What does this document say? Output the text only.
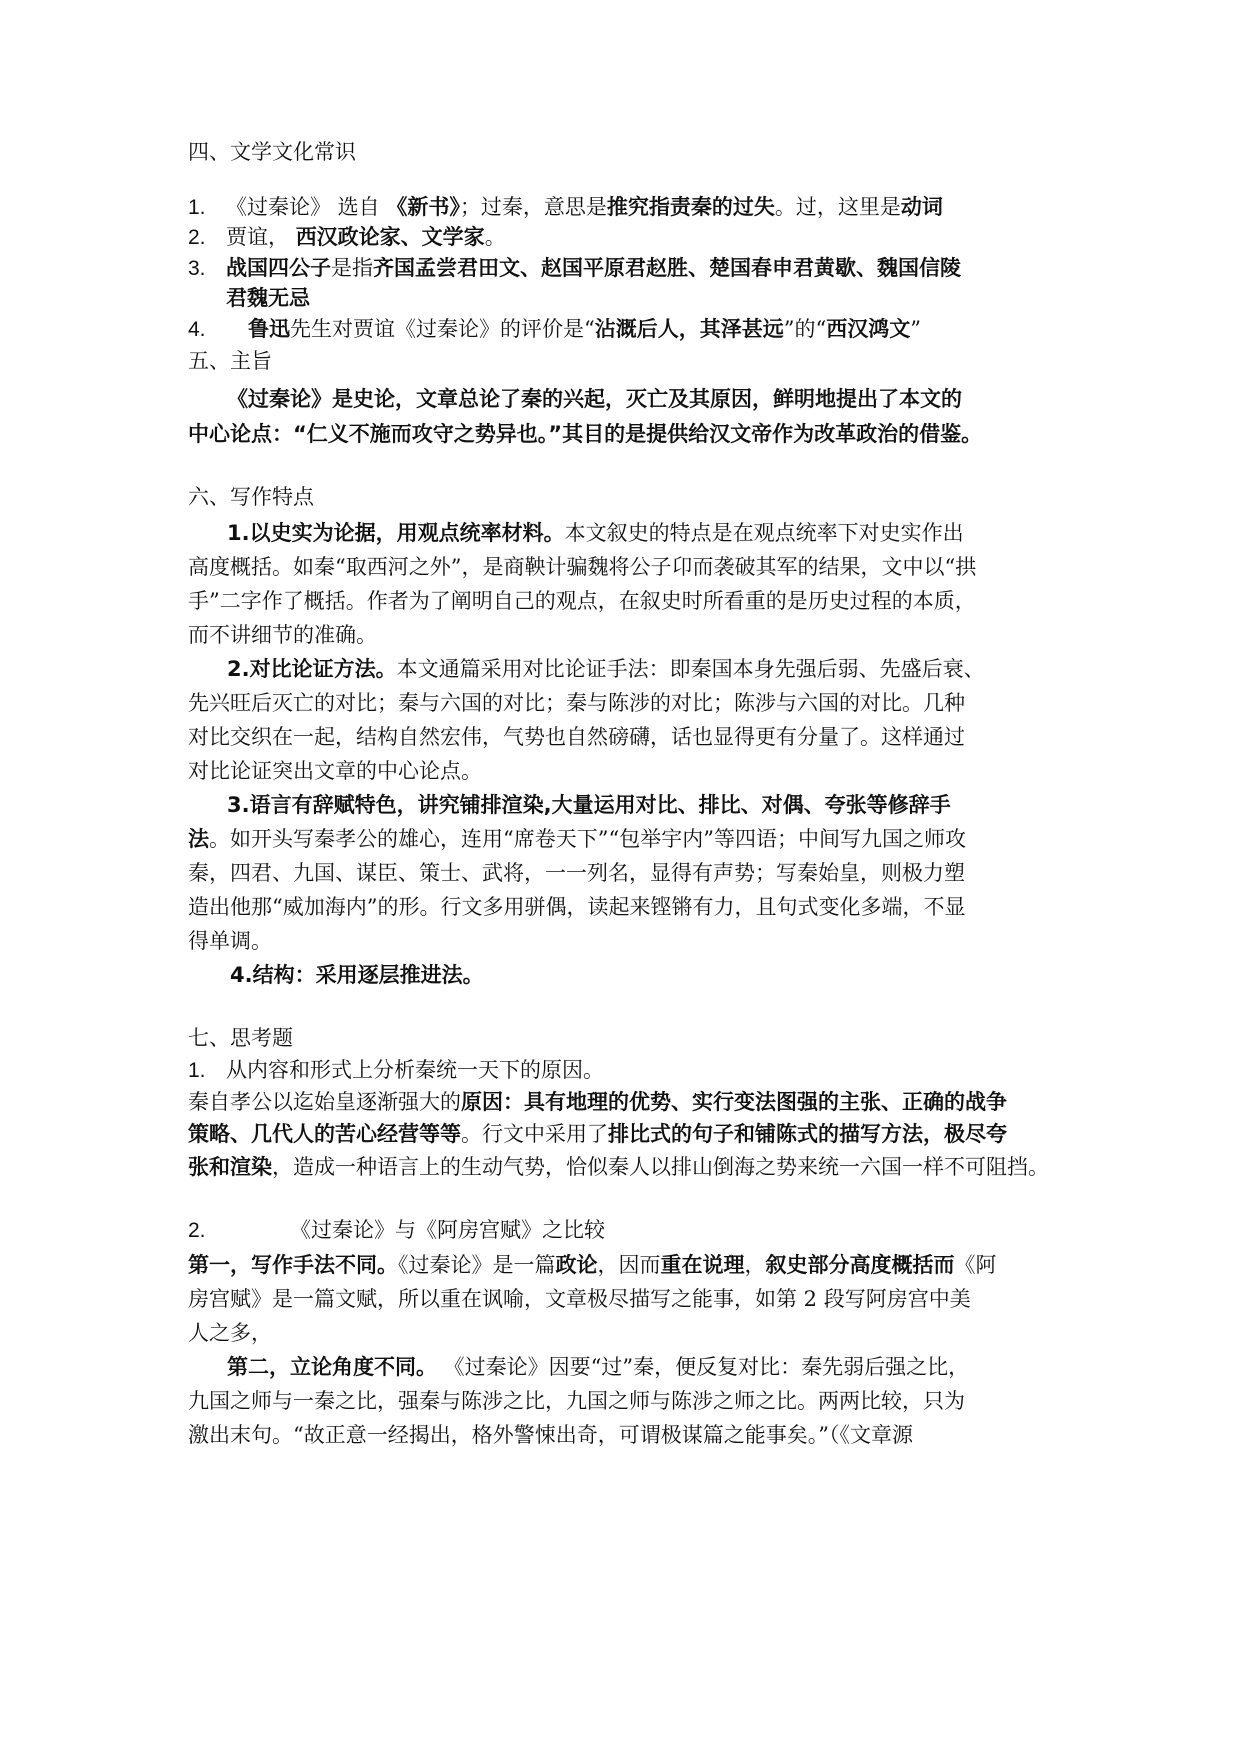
四、文学文化常识
1. 《过秦论》 选自 《新书》；过秦，意思是推究指责秦的过失。过，这里是动词
2. 贾谊， 西汉政论家、文学家。
3. 战国四公子是指齐国孟尝君田文、赵国平原君赵胜、楚国春申君黄歇、魏国信陵
君魏无忌
4. 鲁迅先生对贾谊《过秦论》的评价是“沾溉后人，其泽甚远”的“西汉鸿文”
五、主旨
《过秦论》是史论，文章总论了秦的兴起，灭亡及其原因，鲜明地提出了本文的
中心论点：“仁义不施而攻守之势异也。”其目的是提供给汉文帝作为改革政治的借鉴。
六、写作特点
1.以史实为论据，用观点统率材料。本文叙史的特点是在观点统率下对史实作出
高度概括。如秦“取西河之外”，是商鞅计骗魏将公子卬而袭破其军的结果，文中以“拱
手”二字作了概括。作者为了阐明自己的观点，在叙史时所看重的是历史过程的本质，
而不讲细节的准确。
2.对比论证方法。本文通篇采用对比论证手法：即秦国本身先强后弱、先盛后衰、
先兴旺后灭亡的对比；秦与六国的对比；秦与陈涉的对比；陈涉与六国的对比。几种
对比交织在一起，结构自然宏伟，气势也自然磅礴，话也显得更有分量了。这样通过
对比论证突出文章的中心论点。
3.语言有辞赋特色，讲究铺排渲染,大量运用对比、排比、对偶、夸张等修辞手
法。如开头写秦孝公的雄心，连用“席卷天下”“包举宇内”等四语；中间写九国之师攻
秦，四君、九国、谋臣、策士、武将，一一列名，显得有声势；写秦始皇，则极力塑
造出他那“威加海内”的形。行文多用骈偶，读起来铿锵有力，且句式变化多端，不显
得单调。
4.结构：采用逐层推进法。
七、思考题
1. 从内容和形式上分析秦统一天下的原因。
秦自孝公以迄始皇逐渐强大的原因：具有地理的优势、实行变法图强的主张、正确的战争
策略、几代人的苦心经营等等。行文中采用了排比式的句子和铺陈式的描写方法，极尽夸
张和渲染，造成一种语言上的生动气势，恰似秦人以排山倒海之势来统一六国一样不可阻挡。
2.	《过秦论》与《阿房宫赋》之比较
第一，写作手法不同。《过秦论》是一篇政论，因而重在说理，叙史部分高度概括而《阿
房宫赋》是一篇文赋，所以重在讽喻，文章极尽描写之能事，如第 2 段写阿房宫中美
人之多，
第二，立论角度不同。 《过秦论》因要“过”秦，便反复对比：秦先弱后强之比，
九国之师与一秦之比，强秦与陈涉之比，九国之师与陈涉之师之比。两两比较，只为
激出末句。“故正意一经揭出，格外警悚出奇，可谓极谋篇之能事矣。”（《文章源
